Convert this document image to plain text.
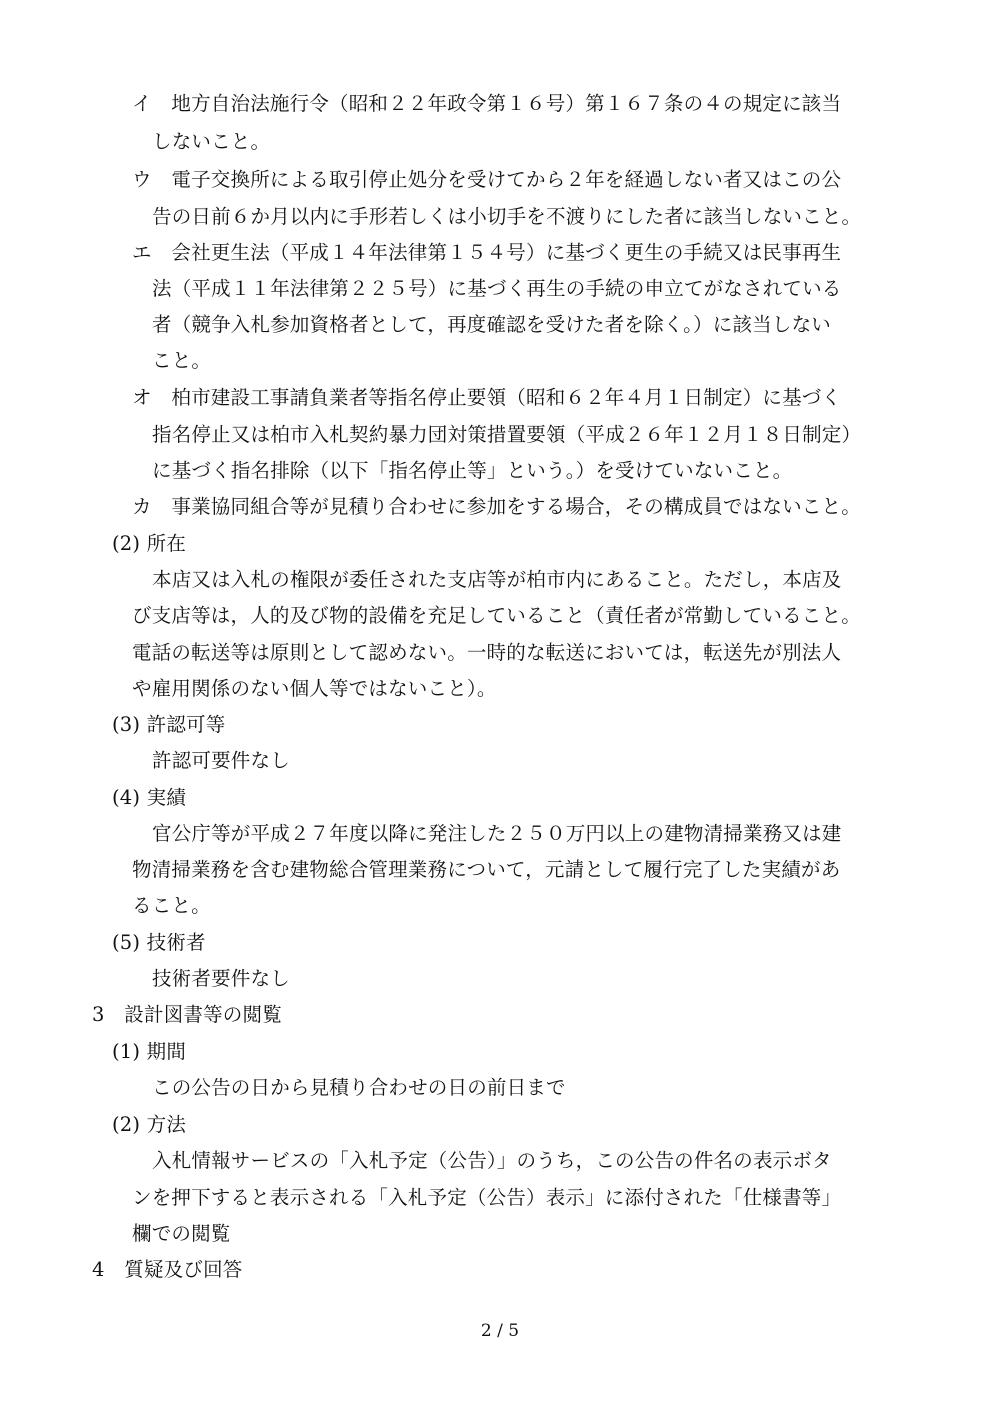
イ　地方自治法施行令（昭和２２年政令第１６号）第１６７条の４の規定に該当
しないこと。
ウ　電子交換所による取引停止処分を受けてから２年を経過しない者又はこの公
告の日前６か月以内に手形若しくは小切手を不渡りにした者に該当しないこと。
エ　会社更生法（平成１４年法律第１５４号）に基づく更生の手続又は民事再生
法（平成１１年法律第２２５号）に基づく再生の手続の申立てがなされている
者（競争入札参加資格者として，再度確認を受けた者を除く。）に該当しない
こと。
オ　柏市建設工事請負業者等指名停止要領（昭和６２年４月１日制定）に基づく
指名停止又は柏市入札契約暴力団対策措置要領（平成２６年１２月１８日制定）
に基づく指名排除（以下「指名停止等」という。）を受けていないこと。
カ　事業協同組合等が見積り合わせに参加をする場合，その構成員ではないこと。
(2) 所在
本店又は入札の権限が委任された支店等が柏市内にあること。ただし，本店及
び支店等は，人的及び物的設備を充足していること（責任者が常勤していること。
電話の転送等は原則として認めない。一時的な転送においては，転送先が別法人
や雇用関係のない個人等ではないこと）。
(3) 許認可等
許認可要件なし
(4) 実績
官公庁等が平成２７年度以降に発注した２５０万円以上の建物清掃業務又は建
物清掃業務を含む建物総合管理業務について，元請として履行完了した実績があ
ること。
(5) 技術者
技術者要件なし
3　設計図書等の閲覧
(1) 期間
この公告の日から見積り合わせの日の前日まで
(2) 方法
入札情報サービスの「入札予定（公告）」のうち，この公告の件名の表示ボタ
ンを押下すると表示される「入札予定（公告）表示」に添付された「仕様書等」
欄での閲覧
4　質疑及び回答
2 / 5
